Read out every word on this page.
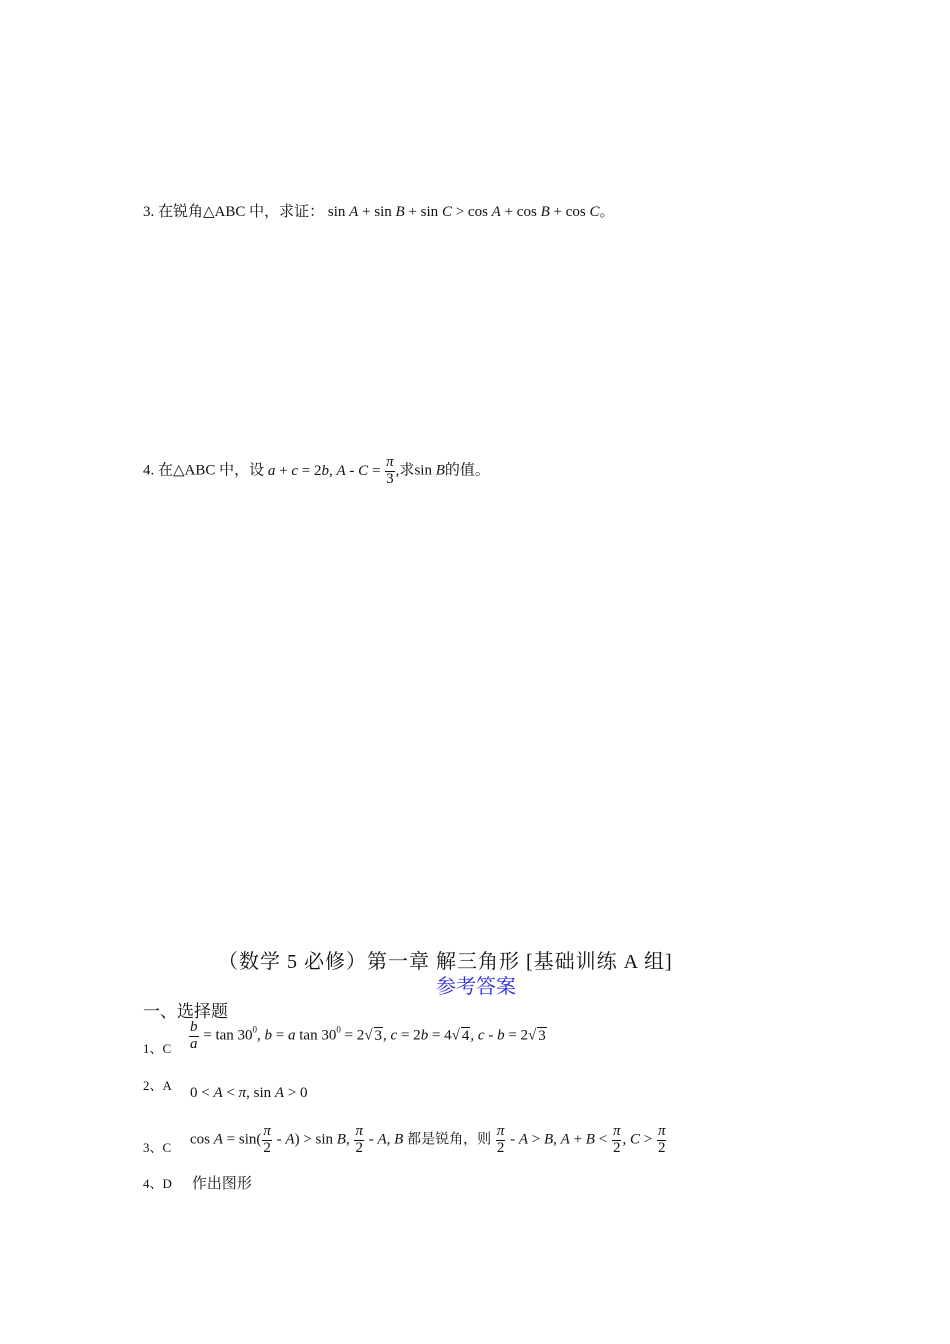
3. 在锐角△ABC 中，求证： sin A + sin B + sin C > cos A + cos B + cos C。
4. 在△ABC 中，设 a + c = 2b, $A - C = \frac{\pi}{3}$ ,求sin B的值。
（数学 5 必修）第一章 解三角形 [基础训练 A 组]
参考答案
一、选择题
1、C $\frac{b}{a} = \tan 30^0$, b = a $\tan 30^0 = 2√$ 3, c = 2b = 4√ 4, c - b = 2√ 3
2、A 0 < A < π, sin A > 0
3、C $\cos A = \sin( \frac{\pi}{2} - A) > \sin B$, $\frac{\pi}{2}$ - A, B 都是锐角，则 $\frac{\pi}{2} - A > B$, $A + B < \frac{\pi}{2}$ , $C > \frac{\pi}{2}$
4、D 作出图形
